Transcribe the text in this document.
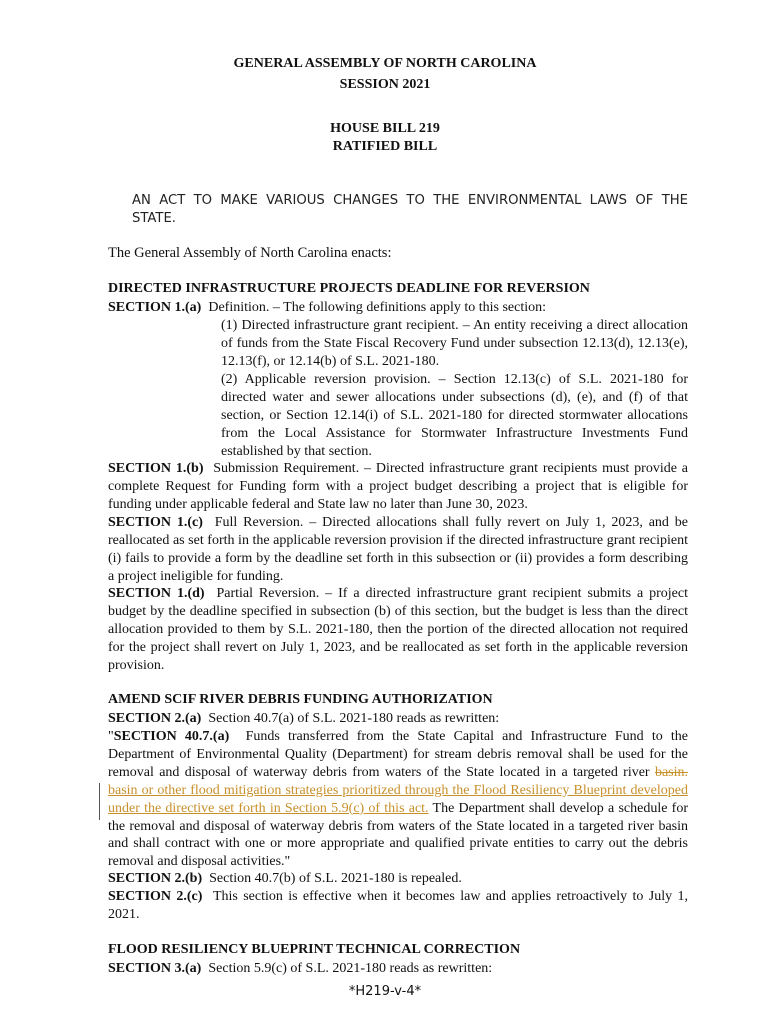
GENERAL ASSEMBLY OF NORTH CAROLINA
SESSION 2021
HOUSE BILL 219
RATIFIED BILL
AN ACT TO MAKE VARIOUS CHANGES TO THE ENVIRONMENTAL LAWS OF THE STATE.
The General Assembly of North Carolina enacts:
DIRECTED INFRASTRUCTURE PROJECTS DEADLINE FOR REVERSION
SECTION 1.(a) Definition. – The following definitions apply to this section:
(1) Directed infrastructure grant recipient. – An entity receiving a direct allocation of funds from the State Fiscal Recovery Fund under subsection 12.13(d), 12.13(e), 12.13(f), or 12.14(b) of S.L. 2021-180.
(2) Applicable reversion provision. – Section 12.13(c) of S.L. 2021-180 for directed water and sewer allocations under subsections (d), (e), and (f) of that section, or Section 12.14(i) of S.L. 2021-180 for directed stormwater allocations from the Local Assistance for Stormwater Infrastructure Investments Fund established by that section.
SECTION 1.(b) Submission Requirement. – Directed infrastructure grant recipients must provide a complete Request for Funding form with a project budget describing a project that is eligible for funding under applicable federal and State law no later than June 30, 2023.
SECTION 1.(c) Full Reversion. – Directed allocations shall fully revert on July 1, 2023, and be reallocated as set forth in the applicable reversion provision if the directed infrastructure grant recipient (i) fails to provide a form by the deadline set forth in this subsection or (ii) provides a form describing a project ineligible for funding.
SECTION 1.(d) Partial Reversion. – If a directed infrastructure grant recipient submits a project budget by the deadline specified in subsection (b) of this section, but the budget is less than the direct allocation provided to them by S.L. 2021-180, then the portion of the directed allocation not required for the project shall revert on July 1, 2023, and be reallocated as set forth in the applicable reversion provision.
AMEND SCIF RIVER DEBRIS FUNDING AUTHORIZATION
SECTION 2.(a) Section 40.7(a) of S.L. 2021-180 reads as rewritten:
"SECTION 40.7.(a) Funds transferred from the State Capital and Infrastructure Fund to the Department of Environmental Quality (Department) for stream debris removal shall be used for the removal and disposal of waterway debris from waters of the State located in a targeted river basin. basin or other flood mitigation strategies prioritized through the Flood Resiliency Blueprint developed under the directive set forth in Section 5.9(c) of this act. The Department shall develop a schedule for the removal and disposal of waterway debris from waters of the State located in a targeted river basin and shall contract with one or more appropriate and qualified private entities to carry out the debris removal and disposal activities."
SECTION 2.(b) Section 40.7(b) of S.L. 2021-180 is repealed.
SECTION 2.(c) This section is effective when it becomes law and applies retroactively to July 1, 2021.
FLOOD RESILIENCY BLUEPRINT TECHNICAL CORRECTION
SECTION 3.(a) Section 5.9(c) of S.L. 2021-180 reads as rewritten:
*H219-v-4*
